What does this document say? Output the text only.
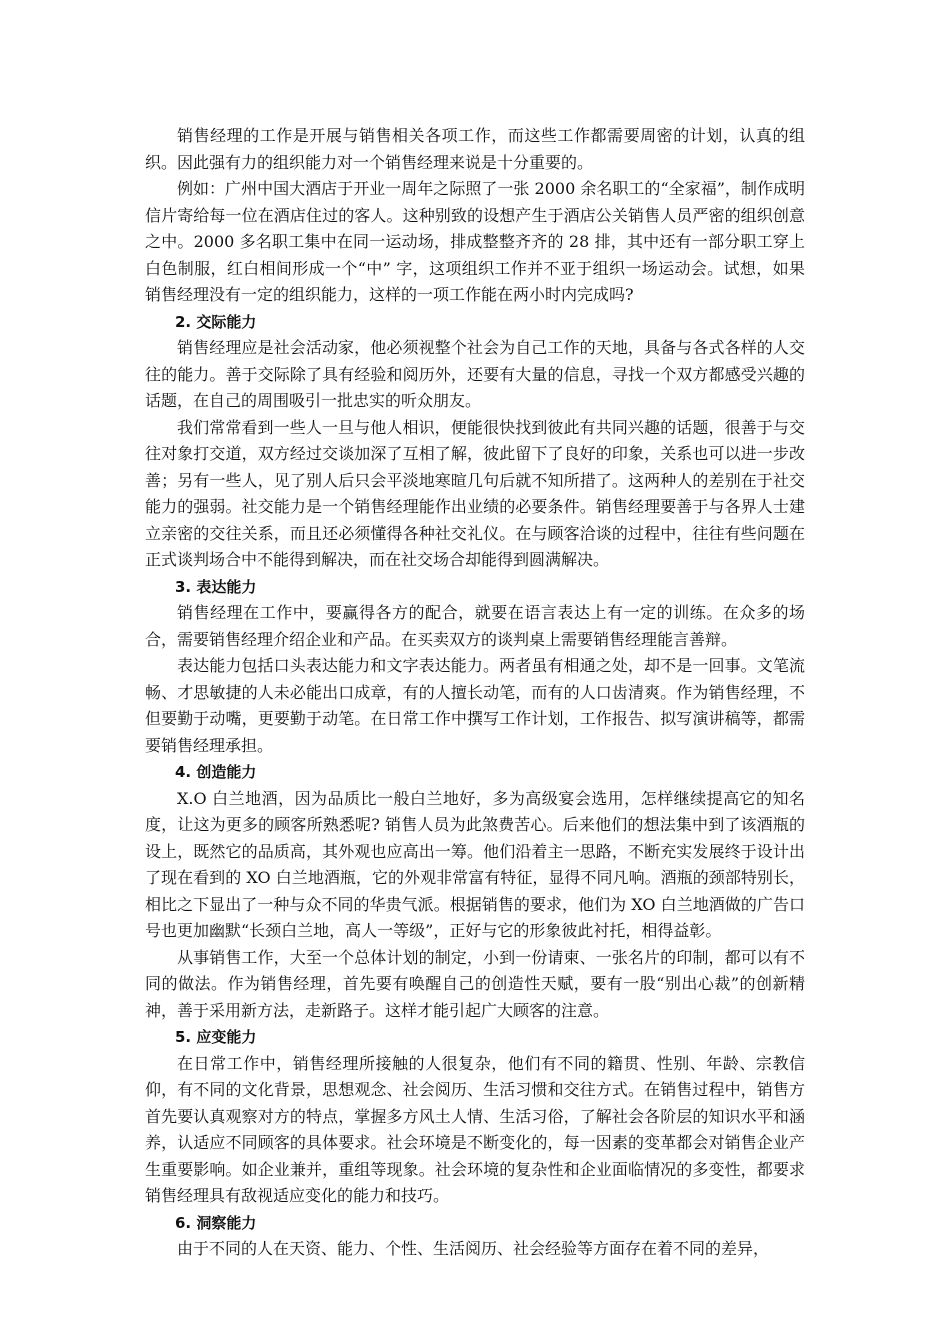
销售经理的工作是开展与销售相关各项工作，而这些工作都需要周密的计划，认真的组织。因此强有力的组织能力对一个销售经理来说是十分重要的。

例如：广州中国大酒店于开业一周年之际照了一张 2000 余名职工的“全家福”，制作成明信片寄给每一位在酒店住过的客人。这种别致的设想产生于酒店公关销售人员严密的组织创意之中。2000 多名职工集中在同一运动场，排成整整齐齐的 28 排，其中还有一部分职工穿上白色制服，红白相间形成一个“中” 字，这项组织工作并不亚于组织一场运动会。试想，如果销售经理没有一定的组织能力，这样的一项工作能在两小时内完成吗?

2. 交际能力

销售经理应是社会活动家，他必须视整个社会为自己工作的天地，具备与各式各样的人交往的能力。善于交际除了具有经验和阅历外，还要有大量的信息，寻找一个双方都感受兴趣的话题，在自己的周围吸引一批忠实的听众朋友。

我们常常看到一些人一旦与他人相识，便能很快找到彼此有共同兴趣的话题，很善于与交往对象打交道，双方经过交谈加深了互相了解，彼此留下了良好的印象，关系也可以进一步改善；另有一些人，见了别人后只会平淡地寒暄几句后就不知所措了。这两种人的差别在于社交能力的强弱。社交能力是一个销售经理能作出业绩的必要条件。销售经理要善于与各界人士建立亲密的交往关系，而且还必须懂得各种社交礼仪。在与顾客洽谈的过程中，往往有些问题在正式谈判场合中不能得到解决，而在社交场合却能得到圆满解决。

3. 表达能力

销售经理在工作中，要赢得各方的配合，就要在语言表达上有一定的训练。在众多的场合，需要销售经理介绍企业和产品。在买卖双方的谈判桌上需要销售经理能言善辩。

表达能力包括口头表达能力和文字表达能力。两者虽有相通之处，却不是一回事。文笔流畅、才思敏捷的人未必能出口成章，有的人擅长动笔，而有的人口齿清爽。作为销售经理，不但要勤于动嘴，更要勤于动笔。在日常工作中撰写工作计划，工作报告、拟写演讲稿等，都需要销售经理承担。

4. 创造能力

X.O 白兰地酒，因为品质比一般白兰地好，多为高级宴会选用，怎样继续提高它的知名度，让这为更多的顾客所熟悉呢? 销售人员为此煞费苦心。后来他们的想法集中到了该酒瓶的设上，既然它的品质高，其外观也应高出一筹。他们沿着主一思路，不断充实发展终于设计出了现在看到的 XO 白兰地酒瓶，它的外观非常富有特征，显得不同凡响。酒瓶的颈部特别长，相比之下显出了一种与众不同的华贵气派。根据销售的要求，他们为 XO 白兰地酒做的广告口号也更加幽默“长颈白兰地，高人一等级”，正好与它的形象彼此衬托，相得益彰。

从事销售工作，大至一个总体计划的制定，小到一份请柬、一张名片的印制，都可以有不同的做法。作为销售经理，首先要有唤醒自己的创造性天赋，要有一股“别出心裁”的创新精神，善于采用新方法，走新路子。这样才能引起广大顾客的注意。

5. 应变能力

在日常工作中，销售经理所接触的人很复杂，他们有不同的籍贯、性别、年龄、宗教信仰，有不同的文化背景，思想观念、社会阅历、生活习惯和交往方式。在销售过程中，销售方首先要认真观察对方的特点，掌握多方风土人情、生活习俗，了解社会各阶层的知识水平和涵养，认适应不同顾客的具体要求。社会环境是不断变化的，每一因素的变革都会对销售企业产生重要影响。如企业兼并，重组等现象。社会环境的复杂性和企业面临情况的多变性，都要求销售经理具有敌视适应变化的能力和技巧。

6. 洞察能力

由于不同的人在天资、能力、个性、生活阅历、社会经验等方面存在着不同的差异，
